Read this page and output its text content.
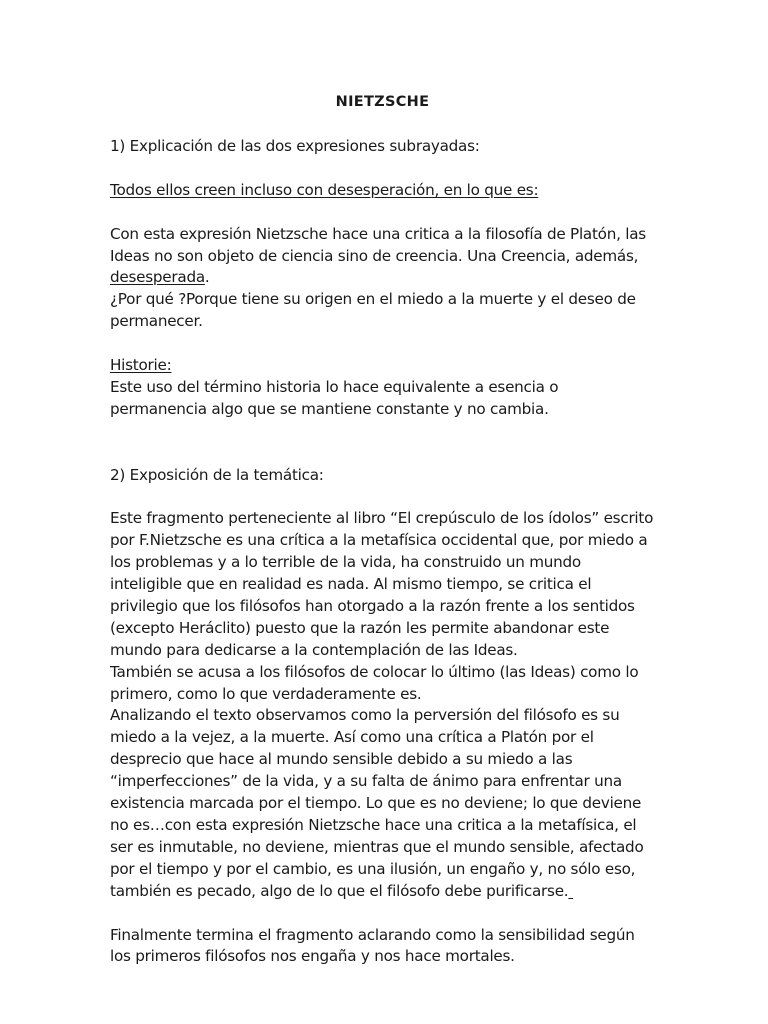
NIETZSCHE

1) Explicación de las dos expresiones subrayadas:

Todos ellos creen incluso con desesperación, en lo que es:

Con esta expresión Nietzsche hace una critica a la filosofía de Platón, las Ideas no son objeto de ciencia sino de creencia. Una Creencia, además, desesperada.

¿Por qué ?Porque tiene su origen en el miedo a la muerte y el deseo de permanecer.

Historie:

Este uso del término historia lo hace equivalente a esencia o permanencia algo que se mantiene constante y no cambia.

2) Exposición de la temática:

Este fragmento perteneciente al libro “El crepúsculo de los ídolos” escrito por F.Nietzsche es una crítica a la metafísica occidental que, por miedo a los problemas y a lo terrible de la vida, ha construido un mundo inteligible que en realidad es nada. Al mismo tiempo, se critica el privilegio que los filósofos han otorgado a la razón frente a los sentidos (excepto Heráclito) puesto que la razón les permite abandonar este mundo para dedicarse a la contemplación de las Ideas.

También se acusa a los filósofos de colocar lo último (las Ideas) como lo primero, como lo que verdaderamente es.

Analizando el texto observamos como la perversión del filósofo es su miedo a la vejez, a la muerte. Así como una crítica a Platón por el desprecio que hace al mundo sensible debido a su miedo a las “imperfecciones” de la vida, y a su falta de ánimo para enfrentar una existencia marcada por el tiempo. Lo que es no deviene; lo que deviene no es…con esta expresión Nietzsche hace una critica a la metafísica, el ser es inmutable, no deviene, mientras que el mundo sensible, afectado por el tiempo y por el cambio, es una ilusión, un engaño y, no sólo eso, también es pecado, algo de lo que el filósofo debe purificarse.

Finalmente termina el fragmento aclarando como la sensibilidad según los primeros filósofos nos engaña y nos hace mortales.
